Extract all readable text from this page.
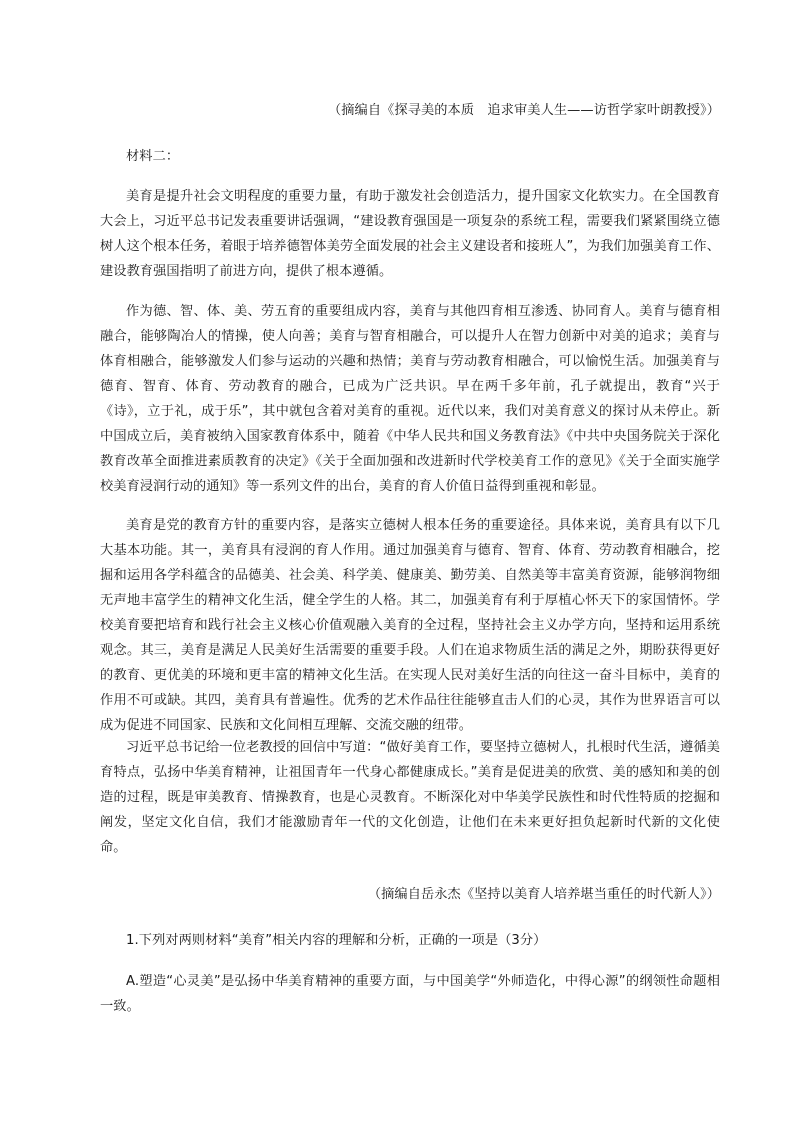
（摘编自《探寻美的本质　追求审美人生——访哲学家叶朗教授》）
材料二：
美育是提升社会文明程度的重要力量，有助于激发社会创造活力，提升国家文化软实力。在全国教育大会上，习近平总书记发表重要讲话强调，“建设教育强国是一项复杂的系统工程，需要我们紧紧围绕立德树人这个根本任务，着眼于培养德智体美劳全面发展的社会主义建设者和接班人”，为我们加强美育工作、建设教育强国指明了前进方向，提供了根本遵循。
作为德、智、体、美、劳五育的重要组成内容，美育与其他四育相互渗透、协同育人。美育与德育相融合，能够陶冶人的情操，使人向善；美育与智育相融合，可以提升人在智力创新中对美的追求；美育与体育相融合，能够激发人们参与运动的兴趣和热情；美育与劳动教育相融合，可以愉悦生活。加强美育与德育、智育、体育、劳动教育的融合，已成为广泛共识。早在两千多年前，孔子就提出，教育“兴于《诗》，立于礼，成于乐”，其中就包含着对美育的重视。近代以来，我们对美育意义的探讨从未停止。新中国成立后，美育被纳入国家教育体系中，随着《中华人民共和国义务教育法》《中共中央国务院关于深化教育改革全面推进素质教育的决定》《关于全面加强和改进新时代学校美育工作的意见》《关于全面实施学校美育浸润行动的通知》等一系列文件的出台，美育的育人价值日益得到重视和彰显。
美育是党的教育方针的重要内容，是落实立德树人根本任务的重要途径。具体来说，美育具有以下几大基本功能。其一，美育具有浸润的育人作用。通过加强美育与德育、智育、体育、劳动教育相融合，挖掘和运用各学科蕴含的品德美、社会美、科学美、健康美、勤劳美、自然美等丰富美育资源，能够润物细无声地丰富学生的精神文化生活，健全学生的人格。其二，加强美育有利于厚植心怀天下的家国情怀。学校美育要把培育和践行社会主义核心价值观融入美育的全过程，坚持社会主义办学方向，坚持和运用系统观念。其三，美育是满足人民美好生活需要的重要手段。人们在追求物质生活的满足之外，期盼获得更好的教育、更优美的环境和更丰富的精神文化生活。在实现人民对美好生活的向往这一奋斗目标中，美育的作用不可或缺。其四，美育具有普遍性。优秀的艺术作品往往能够直击人们的心灵，其作为世界语言可以成为促进不同国家、民族和文化间相互理解、交流交融的纽带。
习近平总书记给一位老教授的回信中写道：“做好美育工作，要坚持立德树人，扎根时代生活，遵循美育特点，弘扬中华美育精神，让祖国青年一代身心都健康成长。”美育是促进美的欣赏、美的感知和美的创造的过程，既是审美教育、情操教育，也是心灵教育。不断深化对中华美学民族性和时代性特质的挖掘和阐发，坚定文化自信，我们才能激励青年一代的文化创造，让他们在未来更好担负起新时代新的文化使命。
（摘编自岳永杰《坚持以美育人培养堪当重任的时代新人》）
1.下列对两则材料“美育”相关内容的理解和分析，正确的一项是（3分）
A.塑造“心灵美”是弘扬中华美育精神的重要方面，与中国美学“外师造化，中得心源”的纲领性命题相一致。
